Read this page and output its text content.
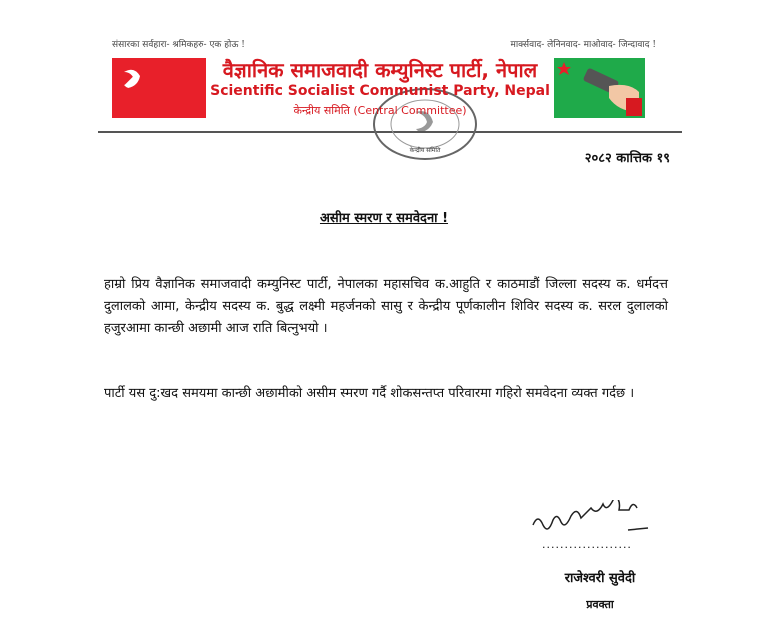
संसारका सर्वहारा- श्रमिकहरु- एक होऊ !	मार्क्सवाद- लेनिनवाद- माओवाद- जिन्दावाद !
केन्द्रीय समिति
वैज्ञानिक समाजवादी कम्युनिस्ट पार्टी, नेपाल
Scientific Socialist Communist Party, Nepal
केन्द्रीय समिति (Central Committee)
२०८२ कात्तिक १९
असीम स्मरण र समवेदना !
हाम्रो प्रिय वैज्ञानिक समाजवादी कम्युनिस्ट पार्टी, नेपालका महासचिव क.आहुति र काठमाडौं जिल्ला सदस्य क. धर्मदत्त दुलालको आमा, केन्द्रीय सदस्य क. बुद्ध लक्ष्मी महर्जनको सासु र केन्द्रीय पूर्णकालीन शिविर सदस्य क. सरल दुलालको हजुरआमा कान्छी अछामी आज राति बित्नुभयो ।
पार्टी यस दु:खद समयमा कान्छी अछामीको असीम स्मरण गर्दै शोकसन्तप्त परिवारमा गहिरो समवेदना व्यक्त गर्दछ ।
....................
राजेश्वरी सुवेदी
प्रवक्ता
